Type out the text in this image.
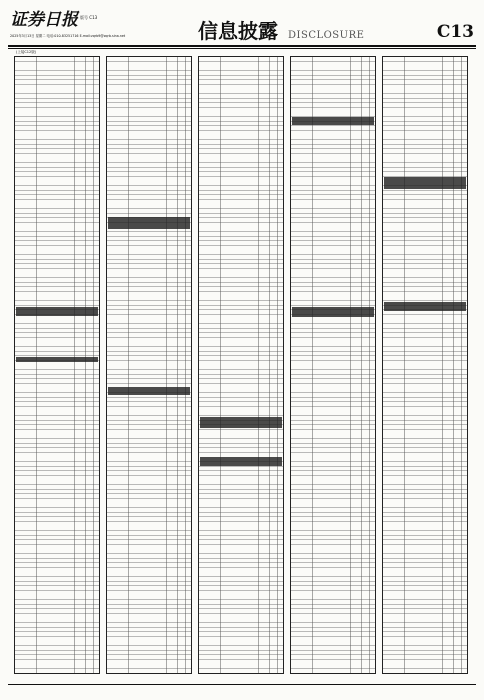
证券日报 版号 C13
2025年3月13日 星期二 电话:010-83251716 E-mail:zqrb9@zqrb.sina.net	信息披露 DISCLOSURE	C13
(上接C12版)
